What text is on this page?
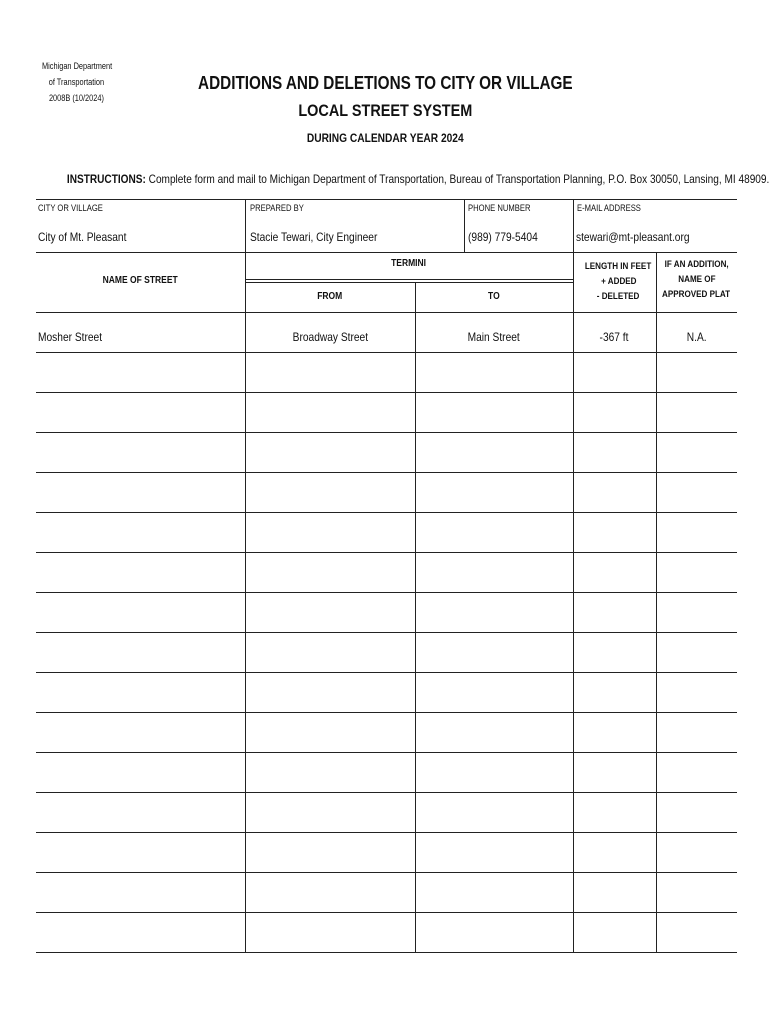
Michigan Department
of Transportation
2008B (10/2024)
ADDITIONS AND DELETIONS TO CITY OR VILLAGE
LOCAL STREET SYSTEM
DURING CALENDAR YEAR 2024
INSTRUCTIONS: Complete form and mail to Michigan Department of Transportation, Bureau of Transportation Planning, P.O. Box 30050, Lansing, MI 48909.
CITY OR VILLAGE
City of Mt. Pleasant
PREPARED BY
Stacie Tewari, City Engineer
PHONE NUMBER
(989) 779-5404
E-MAIL ADDRESS
stewari@mt-pleasant.org
NAME OF STREET
TERMINI
FROM	TO
LENGTH IN FEET
+ ADDED
- DELETED
IF AN ADDITION,
NAME OF
APPROVED PLAT
Mosher Street	Broadway Street	Main Street	-367 ft	N.A.
